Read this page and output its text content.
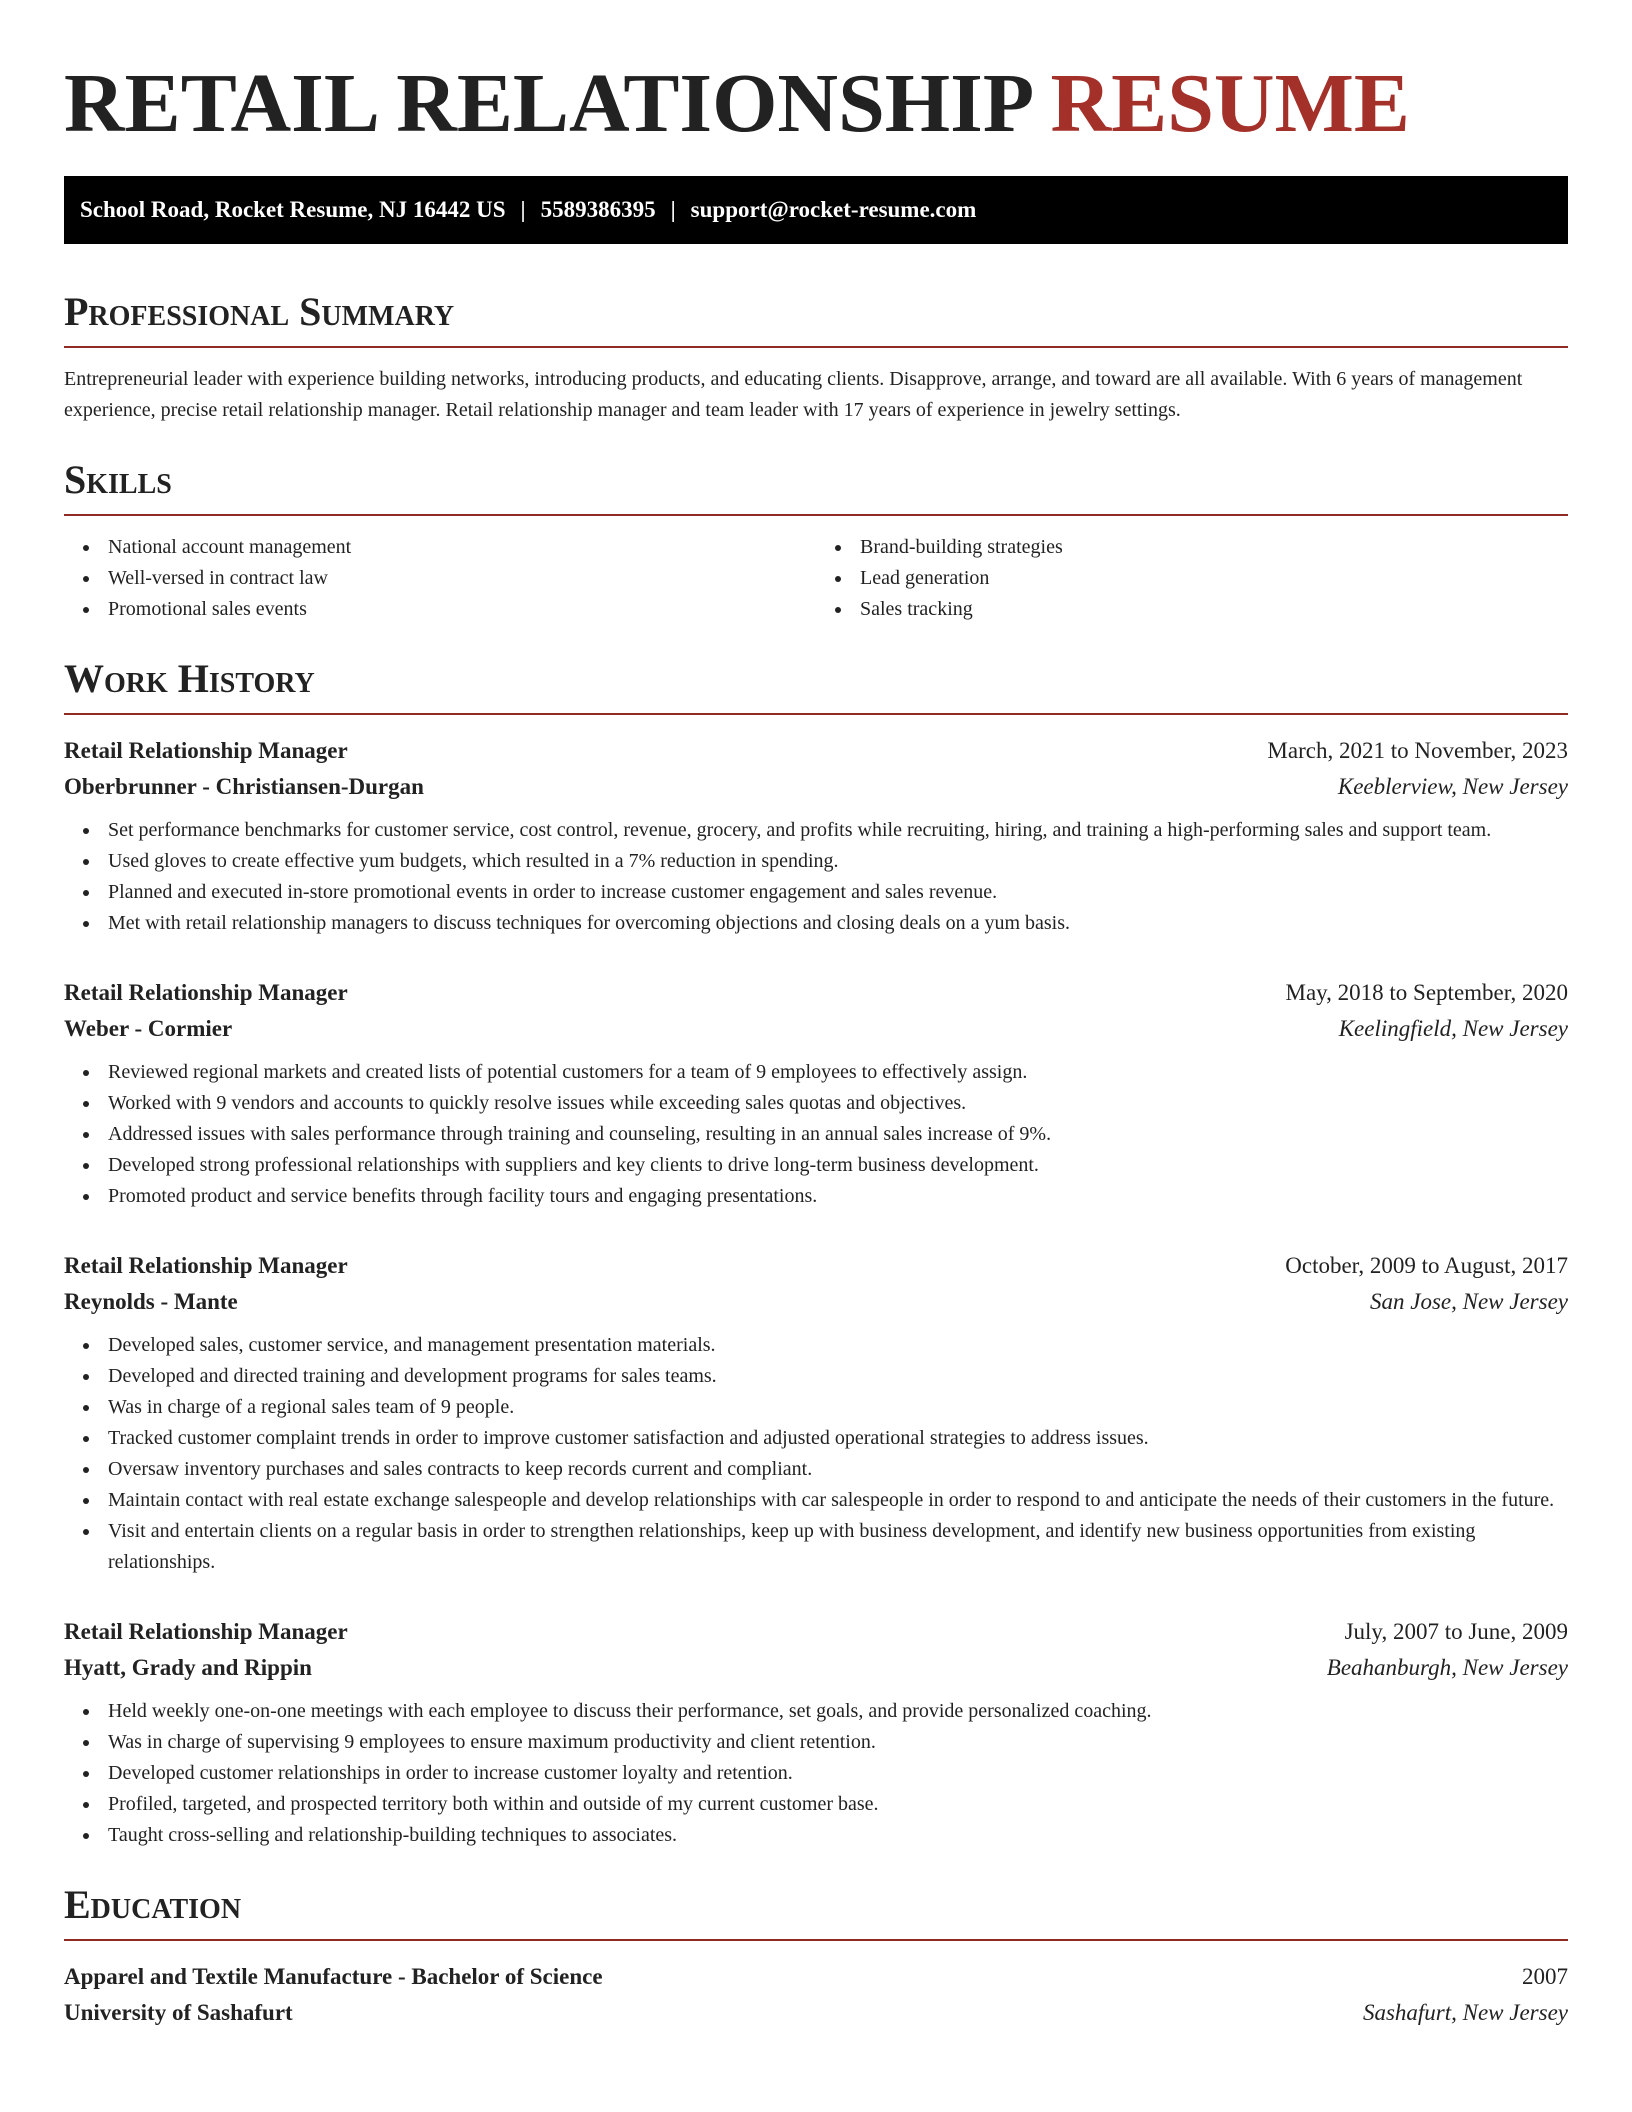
RETAIL RELATIONSHIP RESUME
School Road, Rocket Resume, NJ 16442 US | 5589386395 | support@rocket-resume.com
Professional Summary

Entrepreneurial leader with experience building networks, introducing products, and educating clients. Disapprove, arrange, and toward are all available. With 6 years of management experience, precise retail relationship manager. Retail relationship manager and team leader with 17 years of experience in jewelry settings.

Skills
National account management
Well-versed in contract law
Promotional sales events
Brand-building strategies
Lead generation
Sales tracking
Work History
Retail Relationship Manager	March, 2021 to November, 2023
Oberbrunner - Christiansen-Durgan	Keeblerview, New Jersey
Set performance benchmarks for customer service, cost control, revenue, grocery, and profits while recruiting, hiring, and training a high-performing sales and support team.
Used gloves to create effective yum budgets, which resulted in a 7% reduction in spending.
Planned and executed in-store promotional events in order to increase customer engagement and sales revenue.
Met with retail relationship managers to discuss techniques for overcoming objections and closing deals on a yum basis.
Retail Relationship Manager	May, 2018 to September, 2020
Weber - Cormier	Keelingfield, New Jersey
Reviewed regional markets and created lists of potential customers for a team of 9 employees to effectively assign.
Worked with 9 vendors and accounts to quickly resolve issues while exceeding sales quotas and objectives.
Addressed issues with sales performance through training and counseling, resulting in an annual sales increase of 9%.
Developed strong professional relationships with suppliers and key clients to drive long-term business development.
Promoted product and service benefits through facility tours and engaging presentations.
Retail Relationship Manager	October, 2009 to August, 2017
Reynolds - Mante	San Jose, New Jersey
Developed sales, customer service, and management presentation materials.
Developed and directed training and development programs for sales teams.
Was in charge of a regional sales team of 9 people.
Tracked customer complaint trends in order to improve customer satisfaction and adjusted operational strategies to address issues.
Oversaw inventory purchases and sales contracts to keep records current and compliant.
Maintain contact with real estate exchange salespeople and develop relationships with car salespeople in order to respond to and anticipate the needs of their customers in the future.
Visit and entertain clients on a regular basis in order to strengthen relationships, keep up with business development, and identify new business opportunities from existing relationships.
Retail Relationship Manager	July, 2007 to June, 2009
Hyatt, Grady and Rippin	Beahanburgh, New Jersey
Held weekly one-on-one meetings with each employee to discuss their performance, set goals, and provide personalized coaching.
Was in charge of supervising 9 employees to ensure maximum productivity and client retention.
Developed customer relationships in order to increase customer loyalty and retention.
Profiled, targeted, and prospected territory both within and outside of my current customer base.
Taught cross-selling and relationship-building techniques to associates.
Education
Apparel and Textile Manufacture - Bachelor of Science	2007
University of Sashafurt	Sashafurt, New Jersey
